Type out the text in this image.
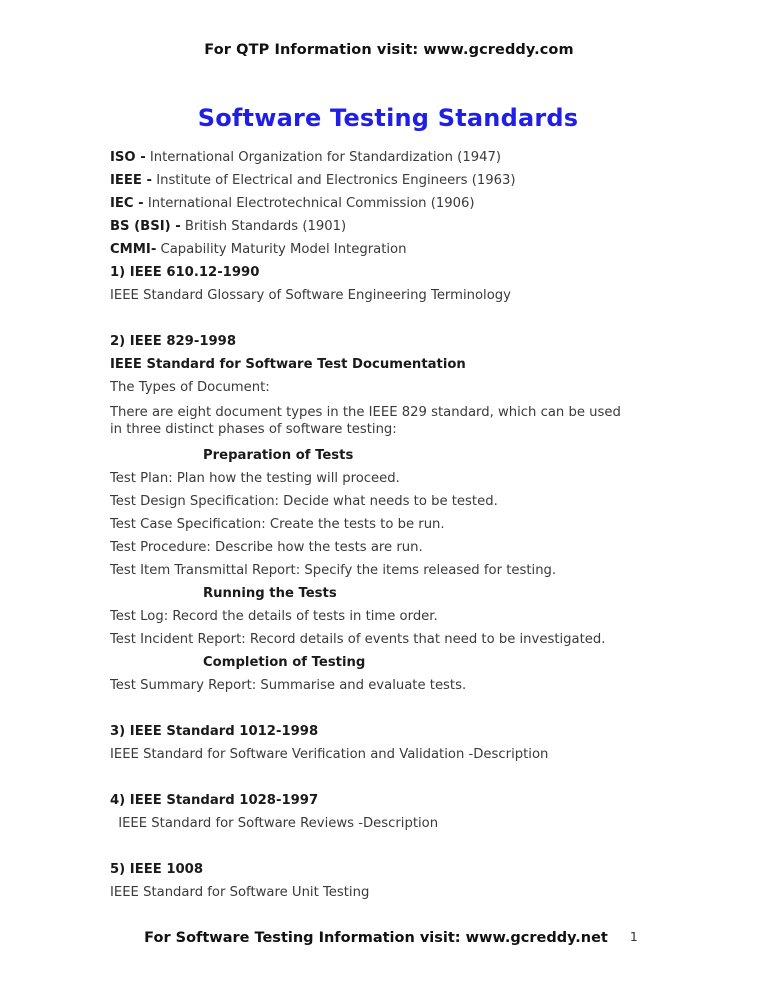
For QTP Information visit: www.gcreddy.com
Software Testing Standards

ISO - International Organization for Standardization (1947)

IEEE - Institute of Electrical and Electronics Engineers (1963)

IEC - International Electrotechnical Commission (1906)

BS (BSI) - British Standards (1901)

CMMI- Capability Maturity Model Integration

1) IEEE 610.12-1990

IEEE Standard Glossary of Software Engineering Terminology

2) IEEE 829-1998

IEEE Standard for Software Test Documentation

The Types of Document:

There are eight document types in the IEEE 829 standard, which can be used in three distinct phases of software testing:

Preparation of Tests

Test Plan: Plan how the testing will proceed.

Test Design Specification: Decide what needs to be tested.

Test Case Specification: Create the tests to be run.

Test Procedure: Describe how the tests are run.

Test Item Transmittal Report: Specify the items released for testing.

Running the Tests

Test Log: Record the details of tests in time order.

Test Incident Report: Record details of events that need to be investigated.

Completion of Testing

Test Summary Report: Summarise and evaluate tests.

3) IEEE Standard 1012-1998

IEEE Standard for Software Verification and Validation -Description

4) IEEE Standard 1028-1997

IEEE Standard for Software Reviews -Description

5) IEEE 1008

IEEE Standard for Software Unit Testing

For Software Testing Information visit: www.gcreddy.net 1
